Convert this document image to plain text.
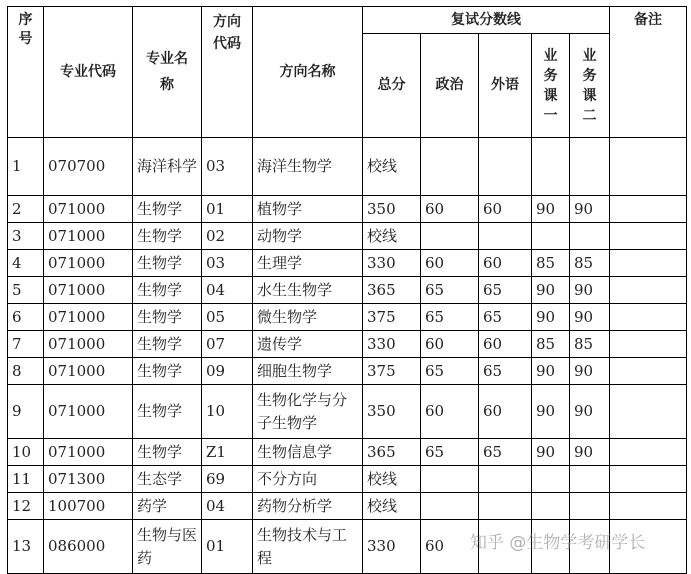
序号	专业代码	专业名称	方向代码	方向名称	复试分数线					备注
					总分	政治	外语	业务课一	业务课二	

1	070700	海洋科学	03	海洋生物学	校线					
2	071000	生物学	01	植物学	350	60	60	90	90	
3	071000	生物学	02	动物学	校线					
4	071000	生物学	03	生理学	330	60	60	85	85	
5	071000	生物学	04	水生生物学	365	65	65	90	90	
6	071000	生物学	05	微生物学	375	65	65	90	90	
7	071000	生物学	07	遗传学	330	60	60	85	85	
8	071000	生物学	09	细胞生物学	375	65	65	90	90	
9	071000	生物学	10	生物化学与分子生物学	350	60	60	90	90	
10	071000	生物学	Z1	生物信息学	365	65	65	90	90	
11	071300	生态学	69	不分方向	校线					
12	100700	药学	04	药物分析学	校线					
13	086000	生物与医药	01	生物技术与工程	330	60				知乎 @生物学考研学长
